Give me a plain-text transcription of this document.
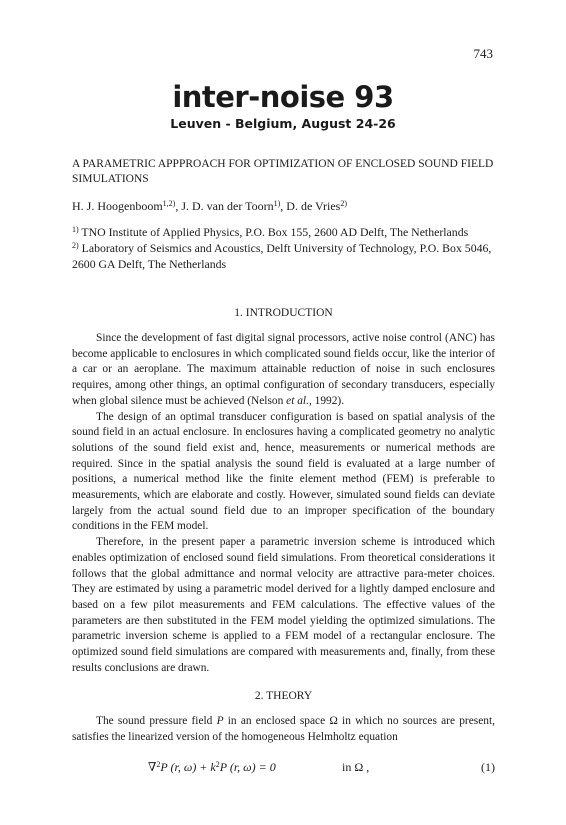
743
inter-noise 93
Leuven - Belgium, August 24-26

A PARAMETRIC APPPROACH FOR OPTIMIZATION OF ENCLOSED SOUND FIELD SIMULATIONS

H. J. Hoogenboom$^{1,2)}$, J. D. van der Toorn$^{1)}$, D. de Vries$^{2)}$

$^{1)}$ TNO Institute of Applied Physics, P.O. Box 155, 2600 AD Delft, The Netherlands

$^{2)}$ Laboratory of Seismics and Acoustics, Delft University of Technology, P.O. Box 5046, 2600 GA Delft, The Netherlands

1. INTRODUCTION

Since the development of fast digital signal processors, active noise control (ANC) has become applicable to enclosures in which complicated sound fields occur, like the interior of a car or an aeroplane. The maximum attainable reduction of noise in such enclosures requires, among other things, an optimal configuration of secondary transducers, especially when global silence must be achieved (Nelson et al., 1992).

The design of an optimal transducer configuration is based on spatial analysis of the sound field in an actual enclosure. In enclosures having a complicated geometry no analytic solutions of the sound field exist and, hence, measurements or numerical methods are required. Since in the spatial analysis the sound field is evaluated at a large number of positions, a numerical method like the finite element method (FEM) is preferable to measurements, which are elaborate and costly. However, simulated sound fields can deviate largely from the actual sound field due to an improper specification of the boundary conditions in the FEM model.

Therefore, in the present paper a parametric inversion scheme is introduced which enables optimization of enclosed sound field simulations. From theoretical considerations it follows that the global admittance and normal velocity are attractive para-meter choices. They are estimated by using a parametric model derived for a lightly damped enclosure and based on a few pilot measurements and FEM calculations. The effective values of the parameters are then substituted in the FEM model yielding the optimized simulations. The parametric inversion scheme is applied to a FEM model of a rectangular enclosure. The optimized sound field simulations are compared with measurements and, finally, from these results conclusions are drawn.

2. THEORY

The sound pressure field P in an enclosed space Ω in which no sources are present, satisfies the linearized version of the homogeneous Helmholtz equation

∇$^2$P (r, $\omega) + k^2P$ (r, ω) = 0	in Ω ,	(1)
